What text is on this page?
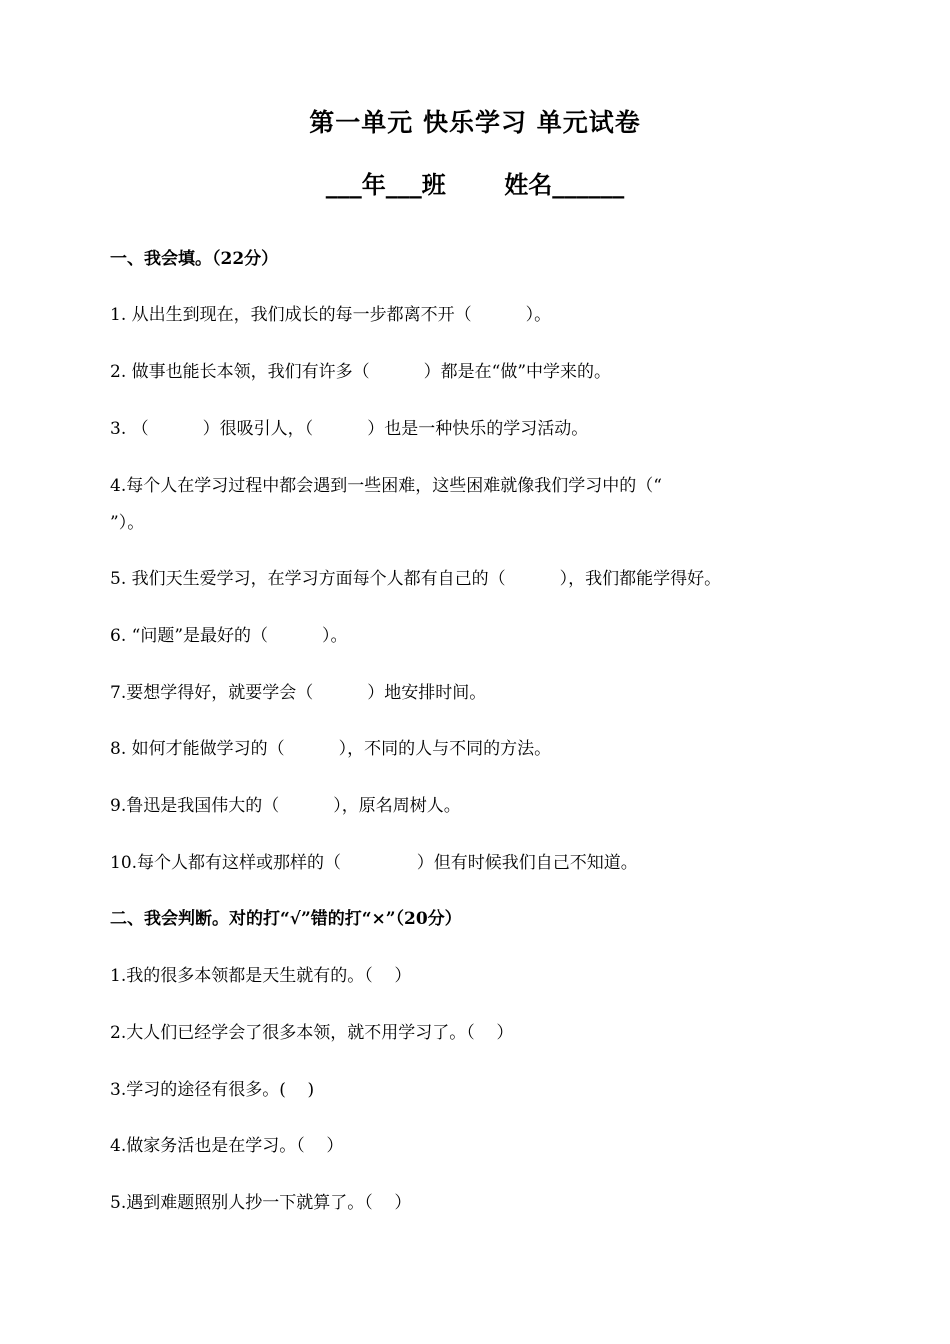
第一单元 快乐学习 单元试卷
___年___班 姓名______
一、我会填。（22分）
1. 从出生到现在，我们成长的每一步都离不开（          ）。
2. 做事也能长本领，我们有许多（          ）都是在“做”中学来的。
3. （          ）很吸引人，（          ）也是一种快乐的学习活动。
4.每个人在学习过程中都会遇到一些困难，这些困难就像我们学习中的（“
”）。
5. 我们天生爱学习，在学习方面每个人都有自己的（          ），我们都能学得好。
6. “问题”是最好的（          ）。
7.要想学得好，就要学会（          ）地安排时间。
8. 如何才能做学习的（          ），不同的人与不同的方法。
9.鲁迅是我国伟大的（          ），原名周树人。
10.每个人都有这样或那样的（              ）但有时候我们自己不知道。
二、我会判断。对的打“√”错的打“×”（20分）
1.我的很多本领都是天生就有的。（    ）
2.大人们已经学会了很多本领，就不用学习了。（    ）
3.学习的途径有很多。(    )
4.做家务活也是在学习。（    ）
5.遇到难题照别人抄一下就算了。（    ）
